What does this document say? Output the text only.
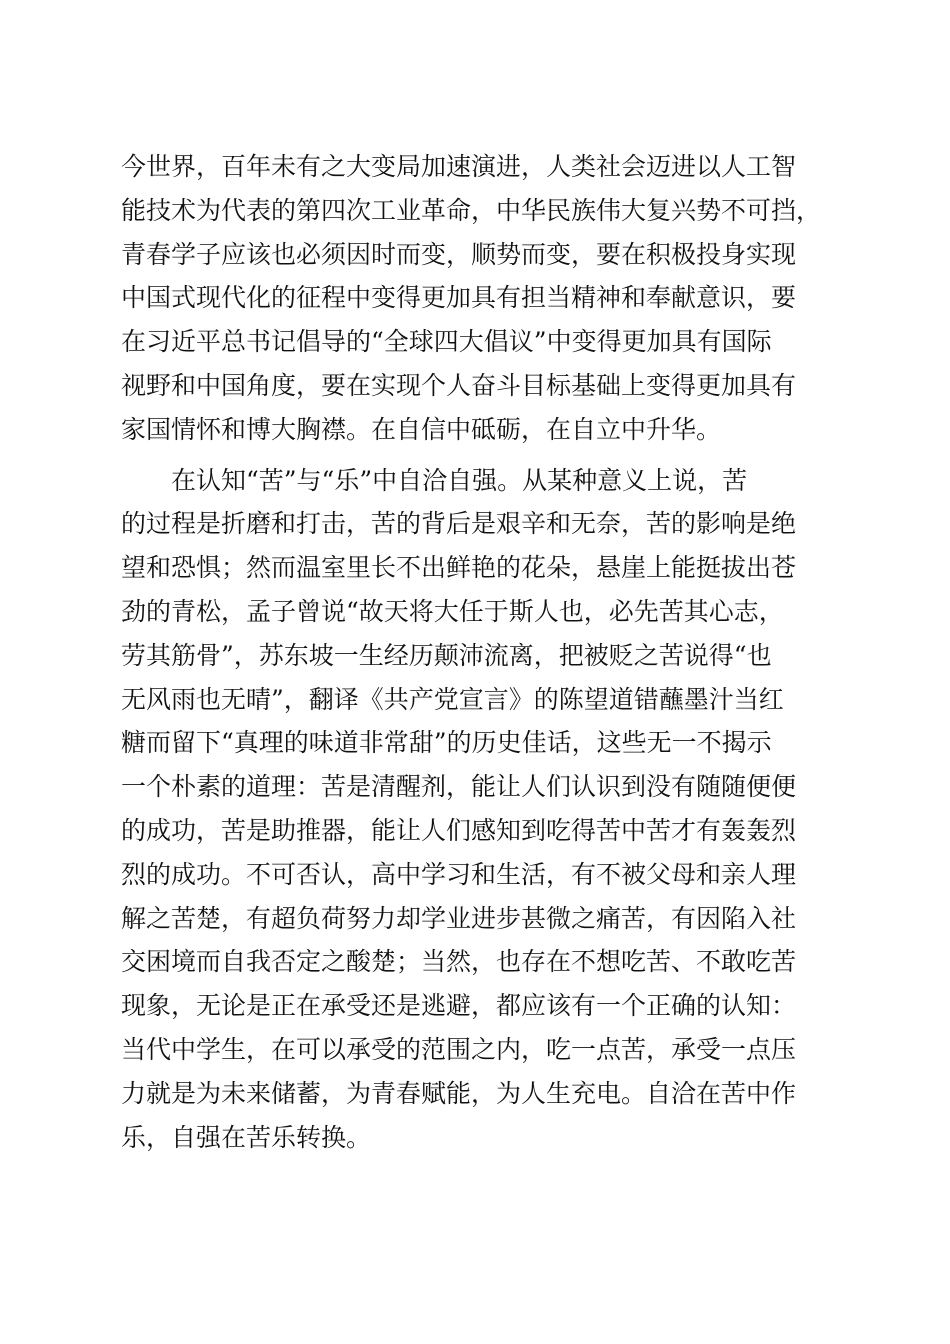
今世界，百年未有之大变局加速演进，人类社会迈进以人工智
能技术为代表的第四次工业革命，中华民族伟大复兴势不可挡，
青春学子应该也必须因时而变，顺势而变，要在积极投身实现
中国式现代化的征程中变得更加具有担当精神和奉献意识，要
在习近平总书记倡导的“全球四大倡议”中变得更加具有国际
视野和中国角度，要在实现个人奋斗目标基础上变得更加具有
家国情怀和博大胸襟。在自信中砥砺，在自立中升华。
在认知“苦”与“乐”中自洽自强。从某种意义上说，苦
的过程是折磨和打击，苦的背后是艰辛和无奈，苦的影响是绝
望和恐惧；然而温室里长不出鲜艳的花朵，悬崖上能挺拔出苍
劲的青松，孟子曾说“故天将大任于斯人也，必先苦其心志，
劳其筋骨”，苏东坡一生经历颠沛流离，把被贬之苦说得“也
无风雨也无晴”，翻译《共产党宣言》的陈望道错蘸墨汁当红
糖而留下“真理的味道非常甜”的历史佳话，这些无一不揭示
一个朴素的道理：苦是清醒剂，能让人们认识到没有随随便便
的成功，苦是助推器，能让人们感知到吃得苦中苦才有轰轰烈
烈的成功。不可否认，高中学习和生活，有不被父母和亲人理
解之苦楚，有超负荷努力却学业进步甚微之痛苦，有因陷入社
交困境而自我否定之酸楚；当然，也存在不想吃苦、不敢吃苦
现象，无论是正在承受还是逃避，都应该有一个正确的认知：
当代中学生，在可以承受的范围之内，吃一点苦，承受一点压
力就是为未来储蓄，为青春赋能，为人生充电。自洽在苦中作
乐，自强在苦乐转换。
